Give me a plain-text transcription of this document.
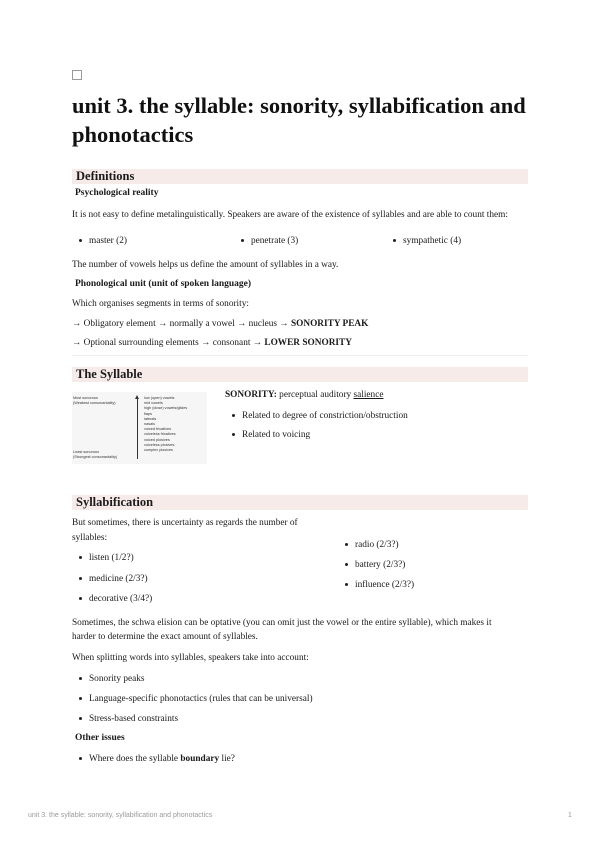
unit 3. the syllable: sonority, syllabification and phonotactics
Definitions
Psychological reality
It is not easy to define metalinguistically. Speakers are aware of the existence of syllables and are able to count them:
master (2)	penetrate (3)	sympathetic (4)
The number of vowels helps us define the amount of syllables in a way.
Phonological unit (unit of spoken language)
Which organises segments in terms of sonority:
→ Obligatory element → normally a vowel → nucleus → SONORITY PEAK
→ Optional surrounding elements → consonant → LOWER SONORITY
The Syllable
Most sonorous
(Weakest consonantality)
Least sonorous
(Strongest consonantality)
low (open) vowels
mid vowels
high (close) vowels/glides
flaps
laterals
nasals
voiced fricatives
voiceless fricatives
voiced plosives
voiceless plosives
complex plosives
SONORITY: perceptual auditory salience
Related to degree of constriction/obstruction
Related to voicing
Syllabification
But sometimes, there is uncertainty as regards the number of
syllables:
listen (1/2?)
medicine (2/3?)
decorative (3/4?)
radio (2/3?)
battery (2/3?)
influence (2/3?)
Sometimes, the schwa elision can be optative (you can omit just the vowel or the entire syllable), which makes it
harder to determine the exact amount of syllables.
When splitting words into syllables, speakers take into account:
Sonority peaks
Language-specific phonotactics (rules that can be universal)
Stress-based constraints
Other issues
Where does the syllable boundary lie?
unit 3. the syllable: sonority, syllabification and phonotactics	1
